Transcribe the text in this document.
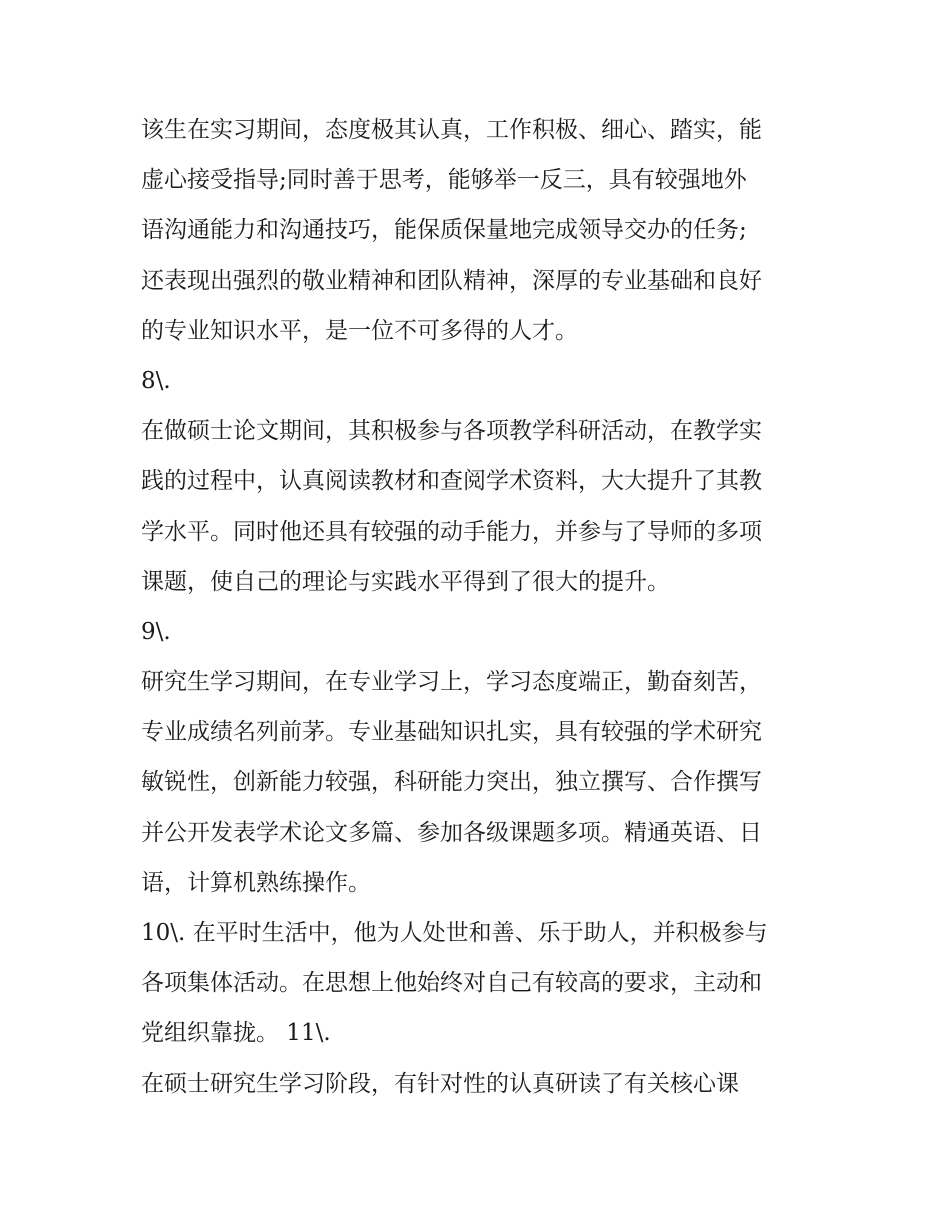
该生在实习期间，态度极其认真，工作积极、细心、踏实，能
虚心接受指导;同时善于思考，能够举一反三，具有较强地外
语沟通能力和沟通技巧，能保质保量地完成领导交办的任务;
还表现出强烈的敬业精神和团队精神，深厚的专业基础和良好
的专业知识水平，是一位不可多得的人才。
8\.
在做硕士论文期间，其积极参与各项教学科研活动，在教学实
践的过程中，认真阅读教材和查阅学术资料，大大提升了其教
学水平。同时他还具有较强的动手能力，并参与了导师的多项
课题，使自己的理论与实践水平得到了很大的提升。
9\.
研究生学习期间，在专业学习上，学习态度端正，勤奋刻苦，
专业成绩名列前茅。专业基础知识扎实，具有较强的学术研究
敏锐性，创新能力较强，科研能力突出，独立撰写、合作撰写
并公开发表学术论文多篇、参加各级课题多项。精通英语、日
语，计算机熟练操作。
10\. 在平时生活中，他为人处世和善、乐于助人，并积极参与
各项集体活动。在思想上他始终对自己有较高的要求，主动和
党组织靠拢。 11\.
在硕士研究生学习阶段，有针对性的认真研读了有关核心课
